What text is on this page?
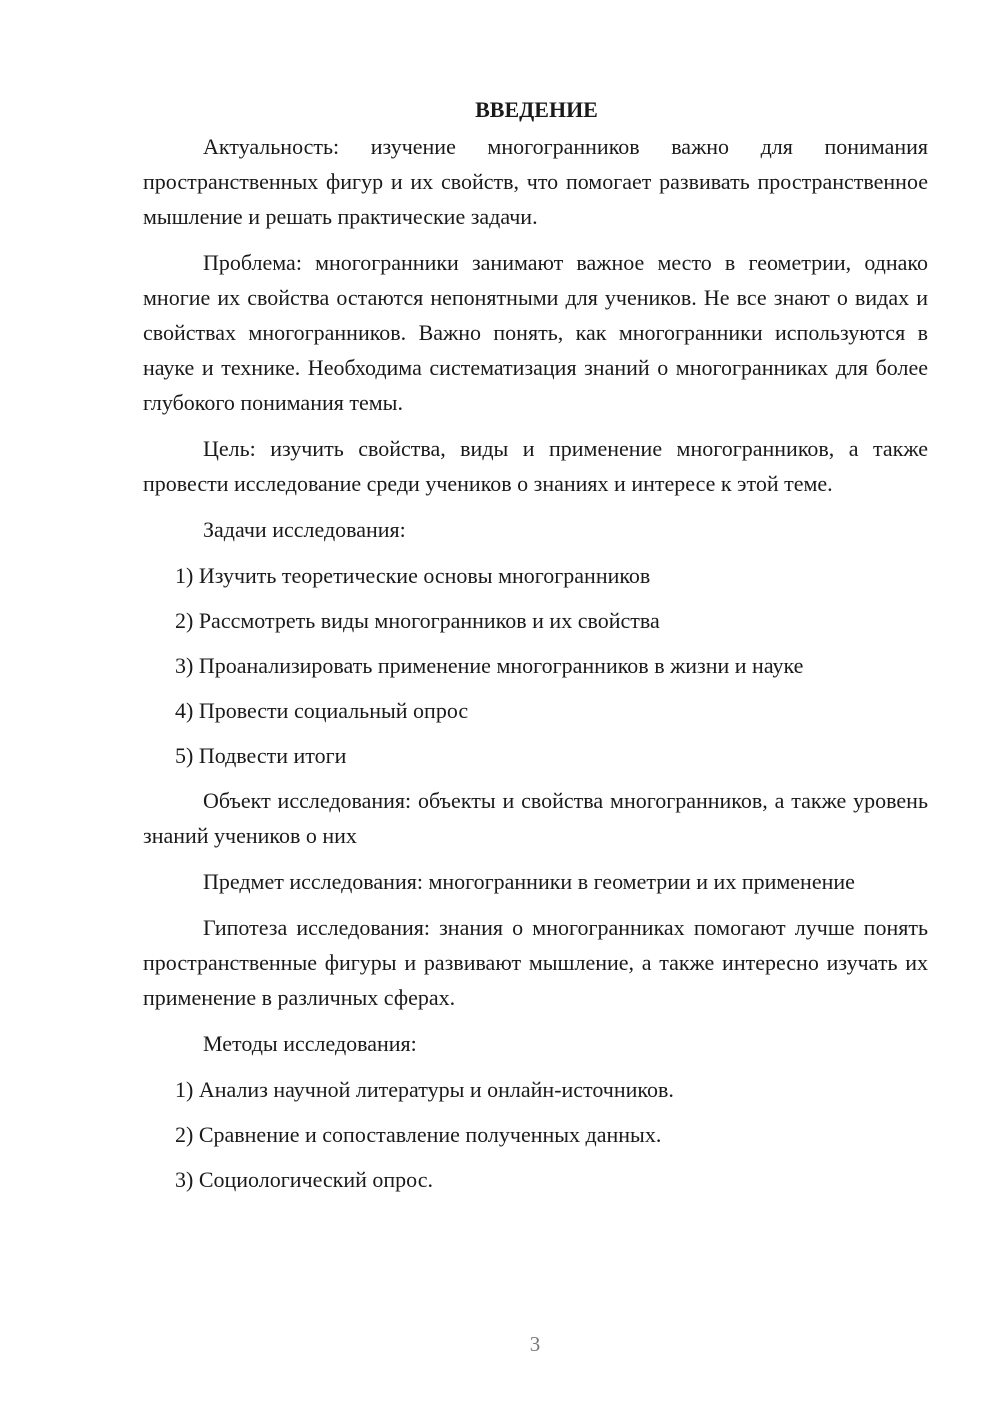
ВВЕДЕНИЕ

Актуальность: изучение многогранников важно для понимания пространственных фигур и их свойств, что помогает развивать пространственное мышление и решать практические задачи.

Проблема: многогранники занимают важное место в геометрии, однако многие их свойства остаются непонятными для учеников. Не все знают о видах и свойствах многогранников. Важно понять, как многогранники используются в науке и технике. Необходима систематизация знаний о многогранниках для более глубокого понимания темы.

Цель: изучить свойства, виды и применение многогранников, а также провести исследование среди учеников о знаниях и интересе к этой теме.

Задачи исследования:

1) Изучить теоретические основы многогранников

2) Рассмотреть виды многогранников и их свойства

3) Проанализировать применение многогранников в жизни и науке

4) Провести социальный опрос

5) Подвести итоги

Объект исследования: объекты и свойства многогранников, а также уровень знаний учеников о них

Предмет исследования: многогранники в геометрии и их применение

Гипотеза исследования: знания о многогранниках помогают лучше понять пространственные фигуры и развивают мышление, а также интересно изучать их применение в различных сферах.

Методы исследования:

1) Анализ научной литературы и онлайн-источников.

2) Сравнение и сопоставление полученных данных.

3) Социологический опрос.

3
